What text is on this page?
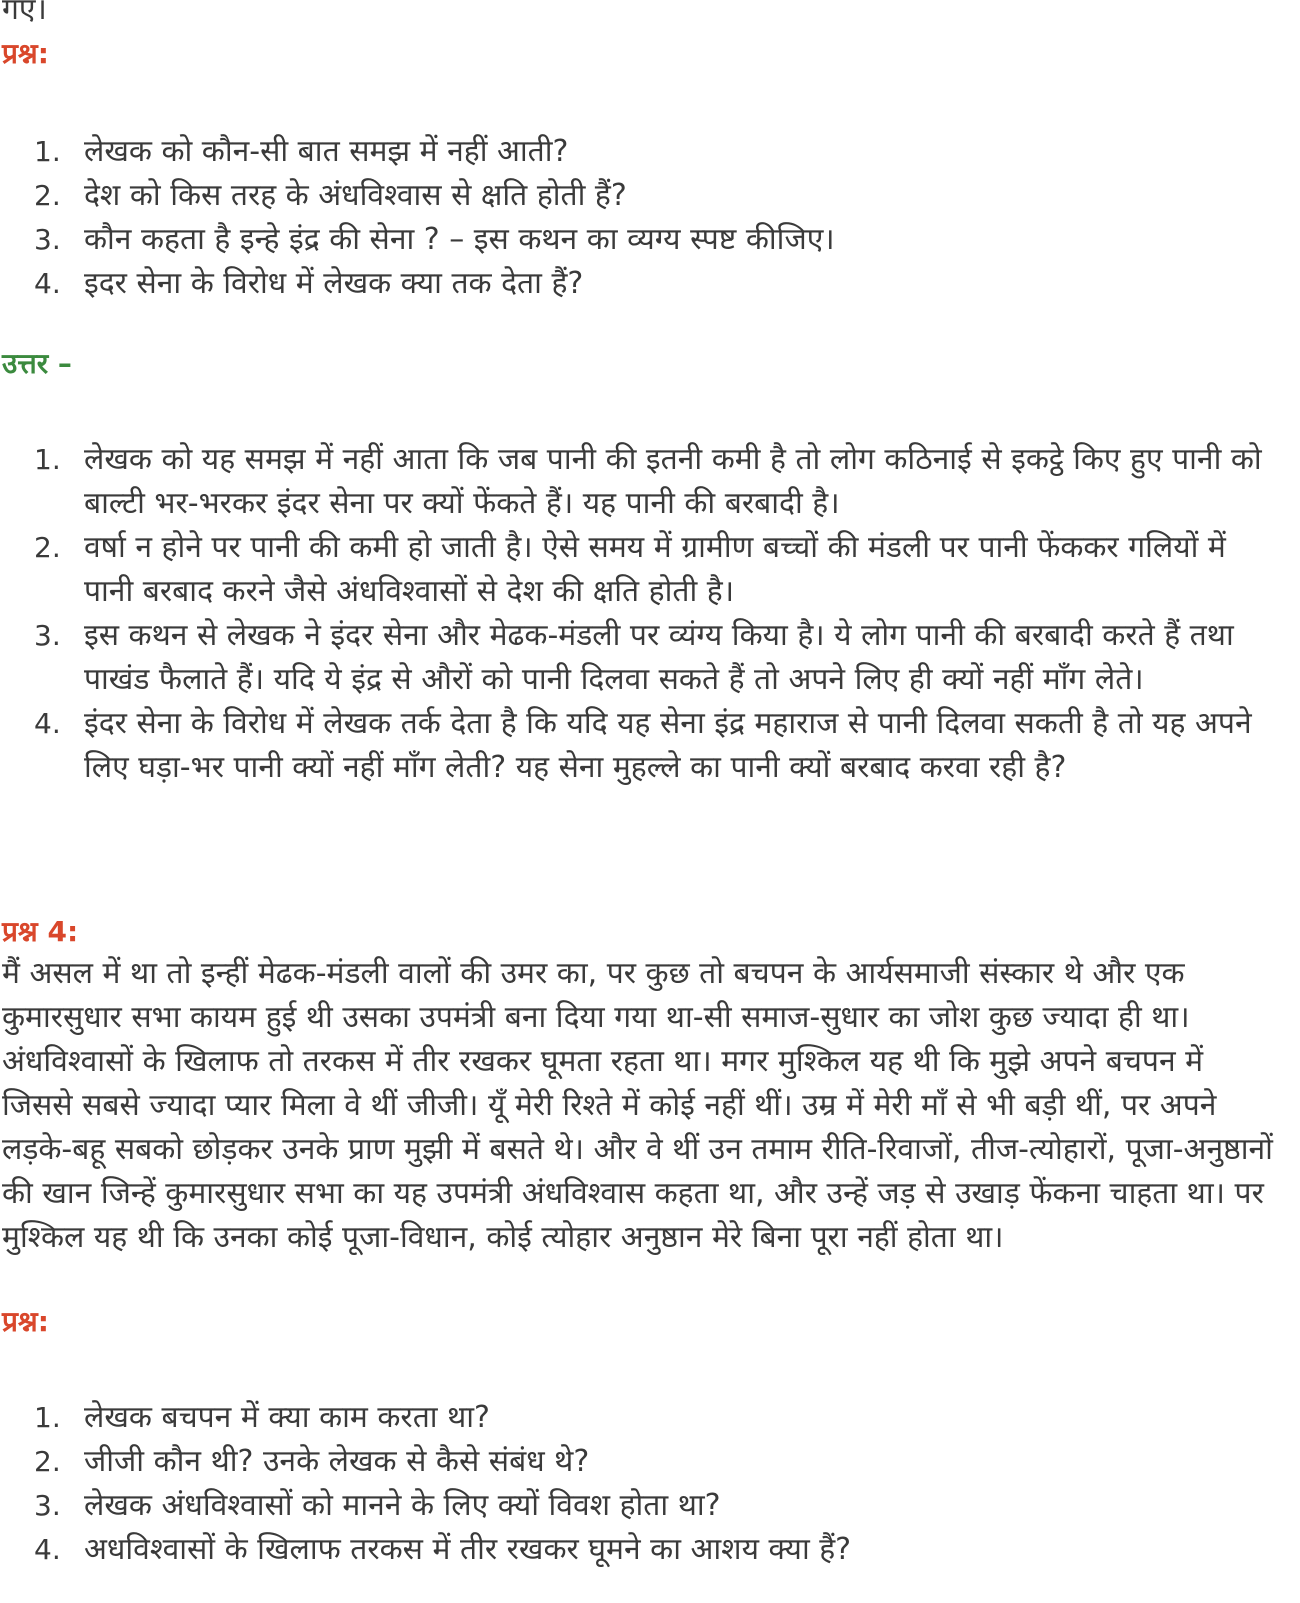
गए।

प्रश्न:

1. लेखक को कौन-सी बात समझ में नहीं आती?
2. देश को किस तरह के अंधविश्वास से क्षति होती हैं?
3. कौन कहता है इन्हे इंद्र की सेना ? – इस कथन का व्यग्य स्पष्ट कीजिए।
4. इदर सेना के विरोध में लेखक क्या तक देता हैं?

उत्तर –

1. लेखक को यह समझ में नहीं आता कि जब पानी की इतनी कमी है तो लोग कठिनाई से इकट्ठे किए हुए पानी को बाल्टी भर-भरकर इंदर सेना पर क्यों फेंकते हैं। यह पानी की बरबादी है।
2. वर्षा न होने पर पानी की कमी हो जाती है। ऐसे समय में ग्रामीण बच्चों की मंडली पर पानी फेंककर गलियों में पानी बरबाद करने जैसे अंधविश्वासों से देश की क्षति होती है।
3. इस कथन से लेखक ने इंदर सेना और मेढक-मंडली पर व्यंग्य किया है। ये लोग पानी की बरबादी करते हैं तथा पाखंड फैलाते हैं। यदि ये इंद्र से औरों को पानी दिलवा सकते हैं तो अपने लिए ही क्यों नहीं माँग लेते।
4. इंदर सेना के विरोध में लेखक तर्क देता है कि यदि यह सेना इंद्र महाराज से पानी दिलवा सकती है तो यह अपने लिए घड़ा-भर पानी क्यों नहीं माँग लेती? यह सेना मुहल्ले का पानी क्यों बरबाद करवा रही है?

प्रश्न 4:

मैं असल में था तो इन्हीं मेढक-मंडली वालों की उमर का, पर कुछ तो बचपन के आर्यसमाजी संस्कार थे और एक कुमारसुधार सभा कायम हुई थी उसका उपमंत्री बना दिया गया था-सी समाज-सुधार का जोश कुछ ज्यादा ही था। अंधविश्वासों के खिलाफ तो तरकस में तीर रखकर घूमता रहता था। मगर मुश्किल यह थी कि मुझे अपने बचपन में जिससे सबसे ज्यादा प्यार मिला वे थीं जीजी। यूँ मेरी रिश्ते में कोई नहीं थीं। उम्र में मेरी माँ से भी बड़ी थीं, पर अपने लड़के-बहू सबको छोड़कर उनके प्राण मुझी में बसते थे। और वे थीं उन तमाम रीति-रिवाजों, तीज-त्योहारों, पूजा-अनुष्ठानों की खान जिन्हें कुमारसुधार सभा का यह उपमंत्री अंधविश्वास कहता था, और उन्हें जड़ से उखाड़ फेंकना चाहता था। पर मुश्किल यह थी कि उनका कोई पूजा-विधान, कोई त्योहार अनुष्ठान मेरे बिना पूरा नहीं होता था।

प्रश्न:

1. लेखक बचपन में क्या काम करता था?
2. जीजी कौन थी? उनके लेखक से कैसे संबंध थे?
3. लेखक अंधविश्वासों को मानने के लिए क्यों विवश होता था?
4. अधविश्वासों के खिलाफ तरकस में तीर रखकर घूमने का आशय क्या हैं?
